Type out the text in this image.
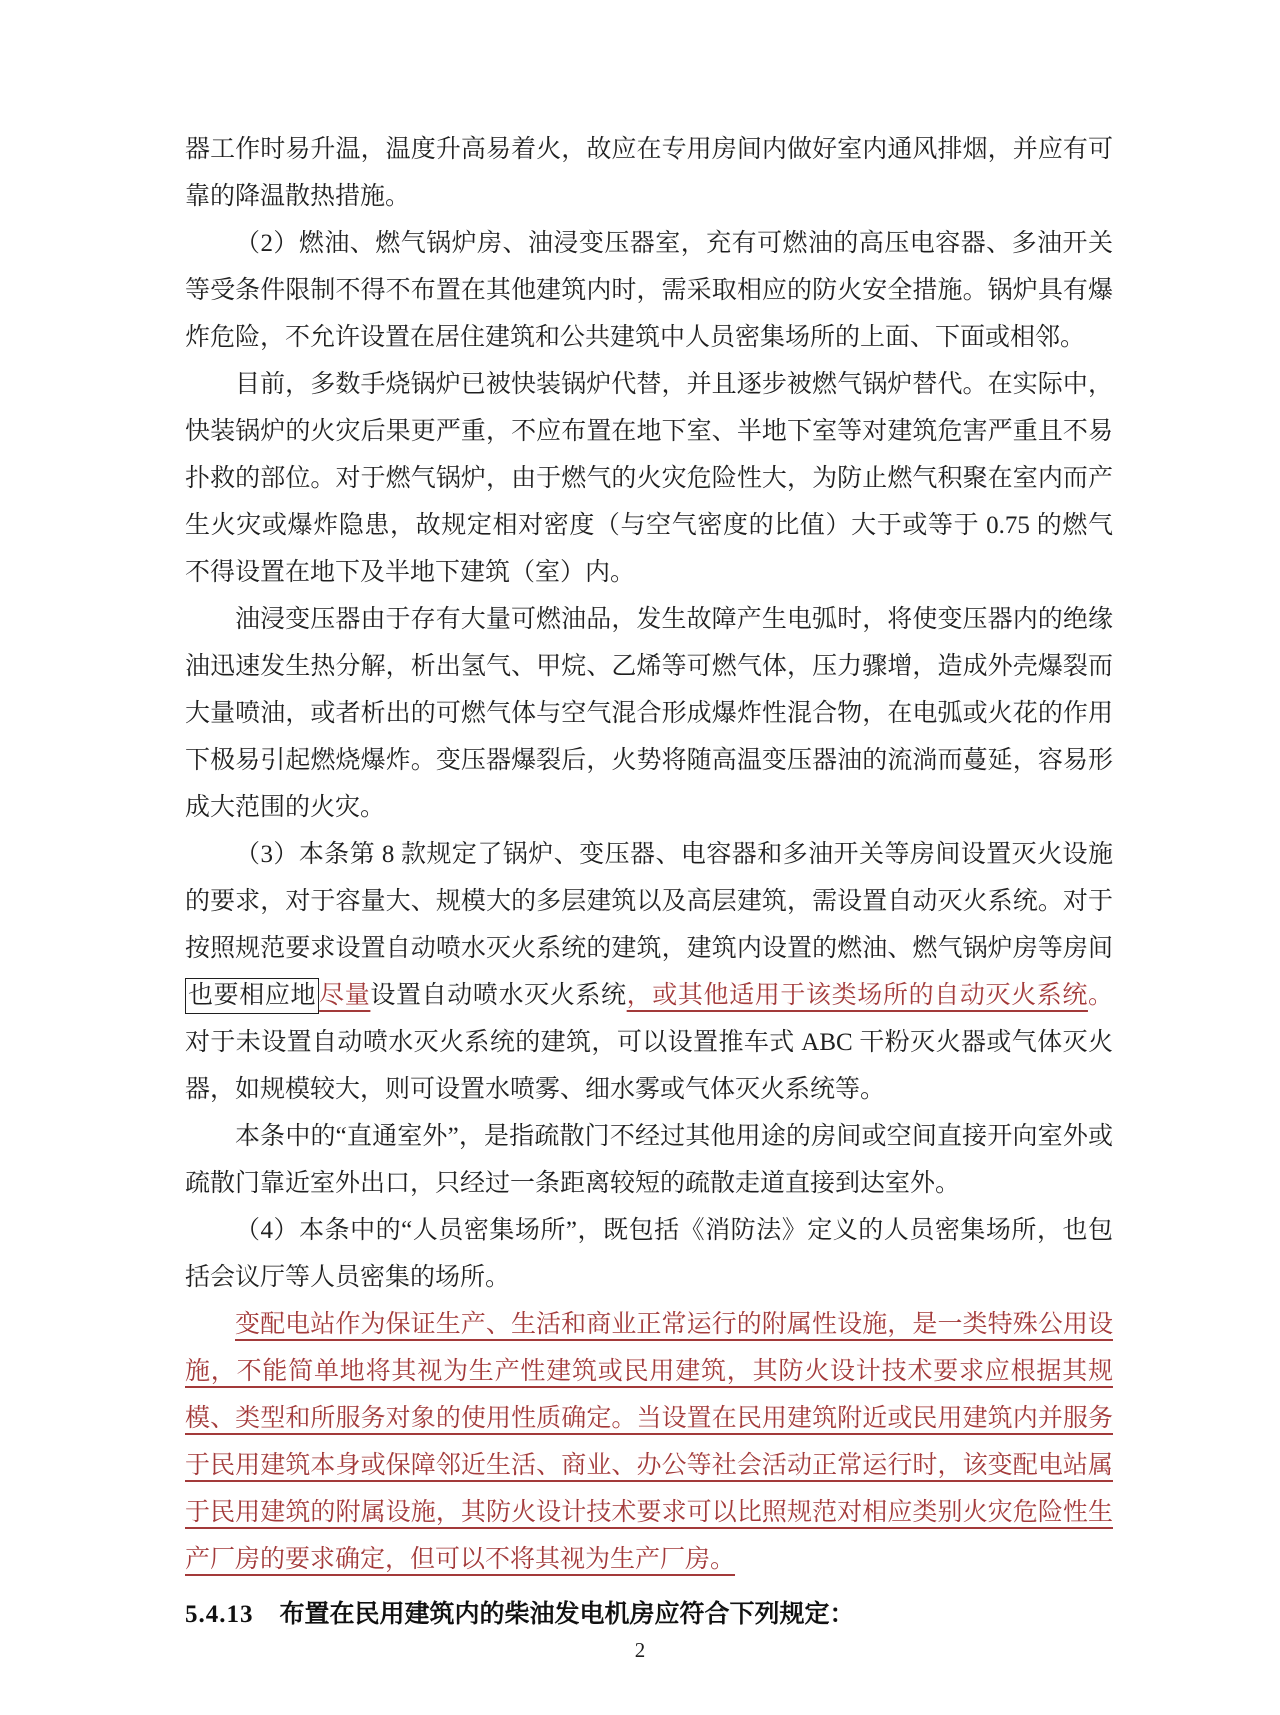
器工作时易升温，温度升高易着火，故应在专用房间内做好室内通风排烟，并应有可靠的降温散热措施。

（2）燃油、燃气锅炉房、油浸变压器室，充有可燃油的高压电容器、多油开关等受条件限制不得不布置在其他建筑内时，需采取相应的防火安全措施。锅炉具有爆炸危险，不允许设置在居住建筑和公共建筑中人员密集场所的上面、下面或相邻。

目前，多数手烧锅炉已被快装锅炉代替，并且逐步被燃气锅炉替代。在实际中，快装锅炉的火灾后果更严重，不应布置在地下室、半地下室等对建筑危害严重且不易扑救的部位。对于燃气锅炉，由于燃气的火灾危险性大，为防止燃气积聚在室内而产生火灾或爆炸隐患，故规定相对密度（与空气密度的比值）大于或等于 0.75 的燃气不得设置在地下及半地下建筑（室）内。

油浸变压器由于存有大量可燃油品，发生故障产生电弧时，将使变压器内的绝缘油迅速发生热分解，析出氢气、甲烷、乙烯等可燃气体，压力骤增，造成外壳爆裂而大量喷油，或者析出的可燃气体与空气混合形成爆炸性混合物，在电弧或火花的作用下极易引起燃烧爆炸。变压器爆裂后，火势将随高温变压器油的流淌而蔓延，容易形成大范围的火灾。

（3）本条第 8 款规定了锅炉、变压器、电容器和多油开关等房间设置灭火设施的要求，对于容量大、规模大的多层建筑以及高层建筑，需设置自动灭火系统。对于按照规范要求设置自动喷水灭火系统的建筑，建筑内设置的燃油、燃气锅炉房等房间也要相应地 尽量设置自动喷水灭火系统，或其他适用于该类场所的自动灭火系统。对于未设置自动喷水灭火系统的建筑，可以设置推车式 ABC 干粉灭火器或气体灭火器，如规模较大，则可设置水喷雾、细水雾或气体灭火系统等。

本条中的“直通室外”，是指疏散门不经过其他用途的房间或空间直接开向室外或疏散门靠近室外出口，只经过一条距离较短的疏散走道直接到达室外。

（4）本条中的“人员密集场所”，既包括《消防法》定义的人员密集场所，也包括会议厅等人员密集的场所。

变配电站作为保证生产、生活和商业正常运行的附属性设施，是一类特殊公用设施，不能简单地将其视为生产性建筑或民用建筑，其防火设计技术要求应根据其规模、类型和所服务对象的使用性质确定。当设置在民用建筑附近或民用建筑内并服务于民用建筑本身或保障邻近生活、商业、办公等社会活动正常运行时，该变配电站属于民用建筑的附属设施，其防火设计技术要求可以比照规范对相应类别火灾危险性生产厂房的要求确定，但可以不将其视为生产厂房。

5.4.13 布置在民用建筑内的柴油发电机房应符合下列规定：

2
